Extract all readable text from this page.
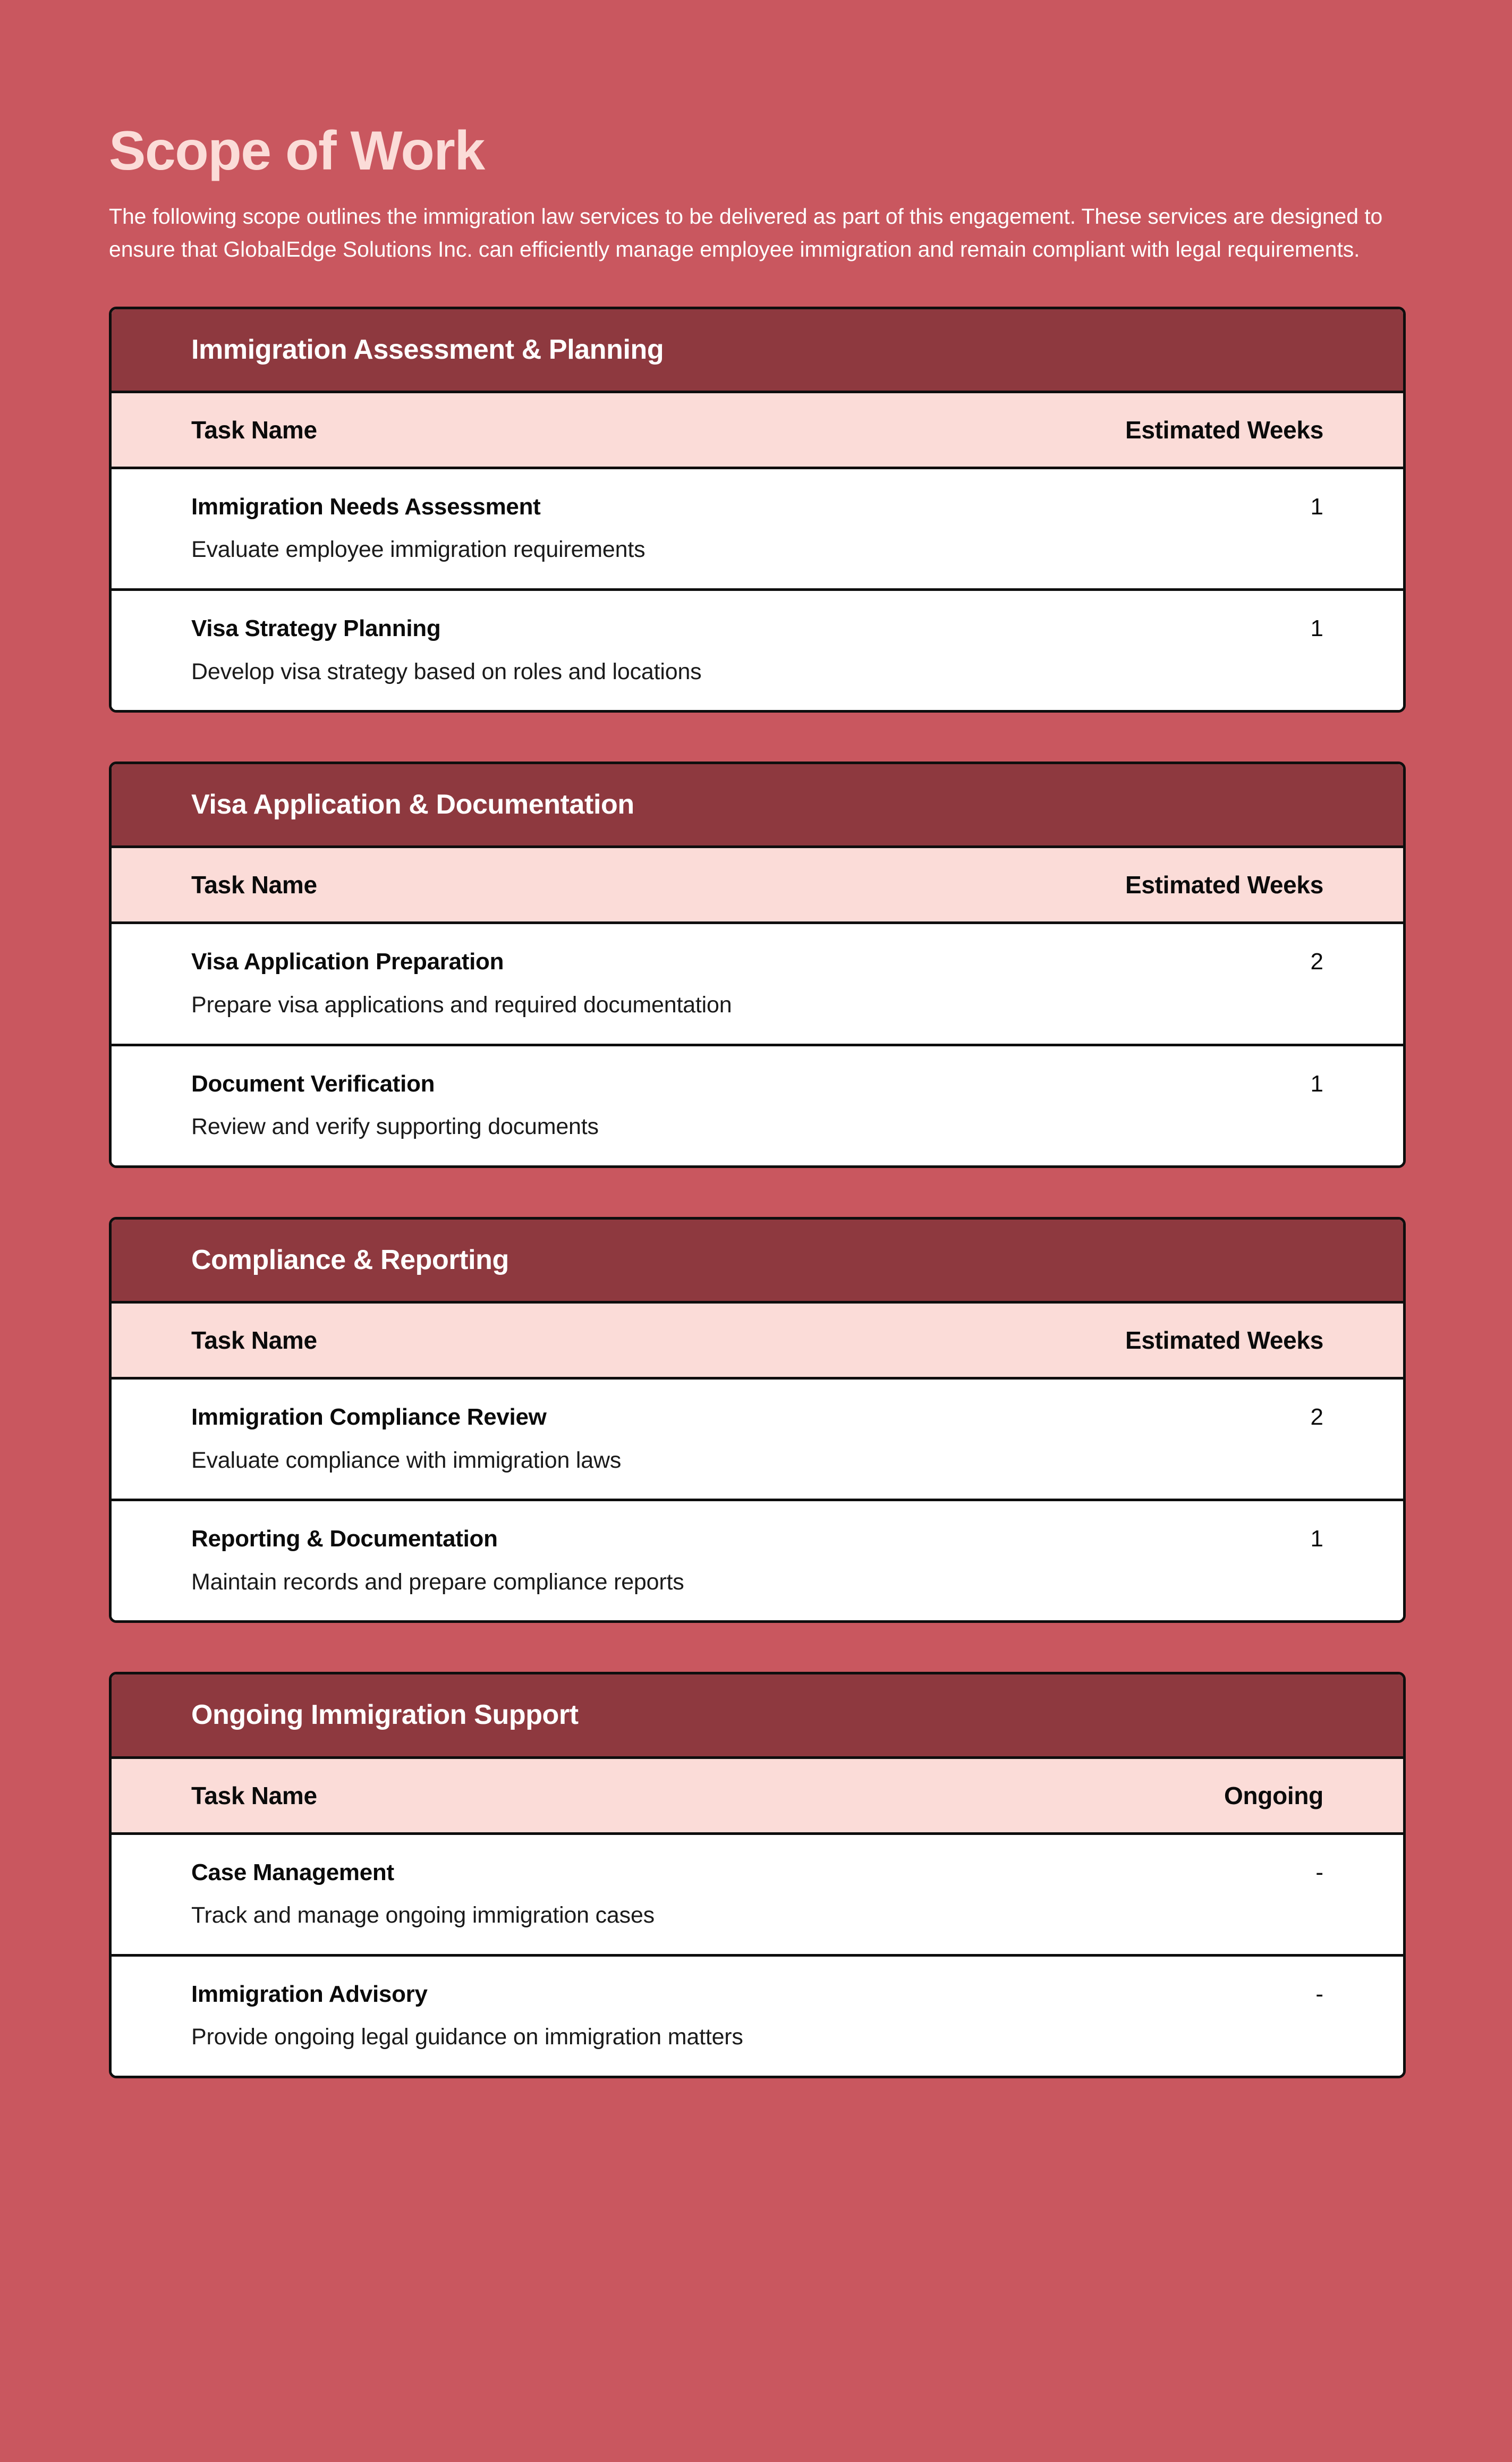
Scope of Work

The following scope outlines the immigration law services to be delivered as part of this engagement. These services are designed to ensure that GlobalEdge Solutions Inc. can efficiently manage employee immigration and remain compliant with legal requirements.

Immigration Assessment & Planning
Task Name	Estimated Weeks
Immigration Needs Assessment	1
Evaluate employee immigration requirements
Visa Strategy Planning	1
Develop visa strategy based on roles and locations
Visa Application & Documentation
Task Name	Estimated Weeks
Visa Application Preparation	2
Prepare visa applications and required documentation
Document Verification	1
Review and verify supporting documents
Compliance & Reporting
Task Name	Estimated Weeks
Immigration Compliance Review	2
Evaluate compliance with immigration laws
Reporting & Documentation	1
Maintain records and prepare compliance reports
Ongoing Immigration Support
Task Name	Ongoing
Case Management	-
Track and manage ongoing immigration cases
Immigration Advisory	-
Provide ongoing legal guidance on immigration matters
